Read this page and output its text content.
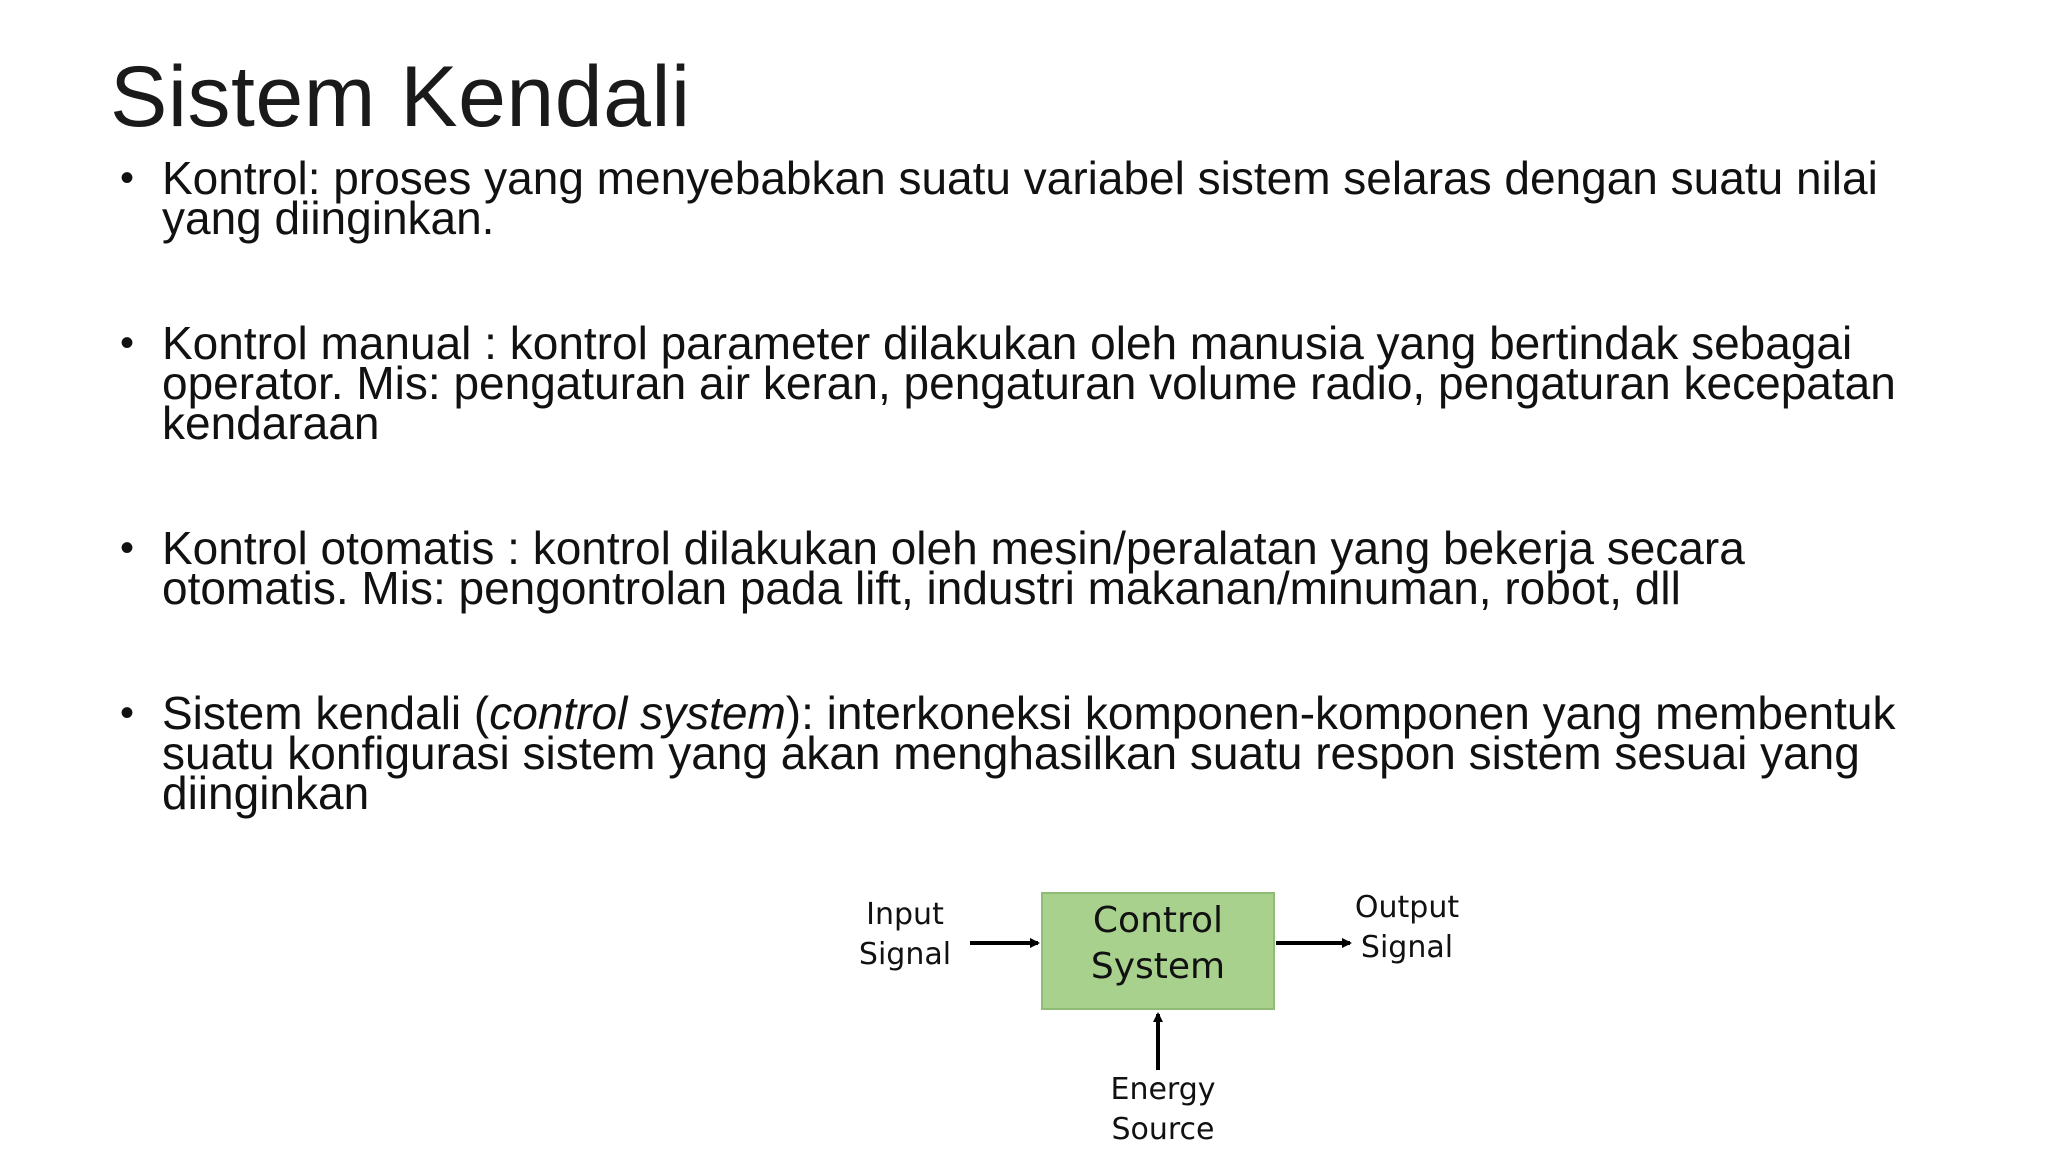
Sistem Kendali
• Kontrol: proses yang menyebabkan suatu variabel sistem selaras dengan suatu nilai yang diinginkan.
• Kontrol manual : kontrol parameter dilakukan oleh manusia yang bertindak sebagai operator. Mis: pengaturan air keran, pengaturan volume radio, pengaturan kecepatan kendaraan
• Kontrol otomatis : kontrol dilakukan oleh mesin/peralatan yang bekerja secara otomatis. Mis: pengontrolan pada lift, industri makanan/minuman, robot, dll
• Sistem kendali (control system): interkoneksi komponen-komponen yang membentuk suatu konfigurasi sistem yang akan menghasilkan suatu respon sistem sesuai yang diinginkan
Control
System
Input
Signal
Output
Signal
Energy
Source
